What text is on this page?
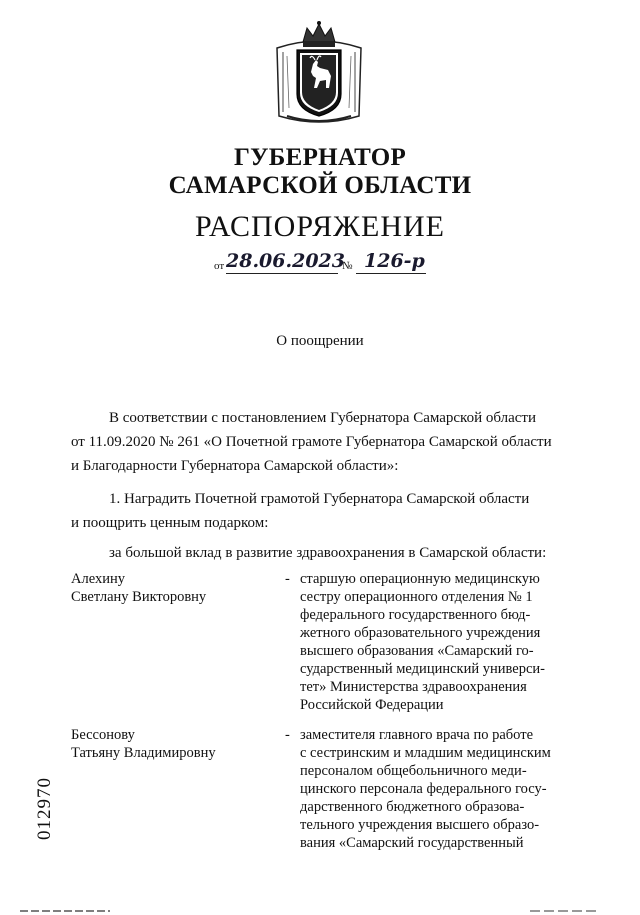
ГУБЕРНАТОР
САМАРСКОЙ ОБЛАСТИ
РАСПОРЯЖЕНИЕ
от 28.06.2023
№ 126-р
О поощрении
В соответствии с постановлением Губернатора Самарской области
от 11.09.2020 № 261 «О Почетной грамоте Губернатора Самарской области
и Благодарности Губернатора Самарской области»:
1. Наградить Почетной грамотой Губернатора Самарской области
и поощрить ценным подарком:
за большой вклад в развитие здравоохранения в Самарской области:
Алехину
Светлану Викторовну
- старшую операционную медицинскую
сестру операционного отделения № 1
федерального государственного бюд-
жетного образовательного учреждения
высшего образования «Самарский го-
сударственный медицинский универси-
тет» Министерства здравоохранения
Российской Федерации
Бессонову
Татьяну Владимировну
- заместителя главного врача по работе
с сестринским и младшим медицинским
персоналом общебольничного меди-
цинского персонала федерального госу-
дарственного бюджетного образова-
тельного учреждения высшего образо-
вания «Самарский государственный
012970
